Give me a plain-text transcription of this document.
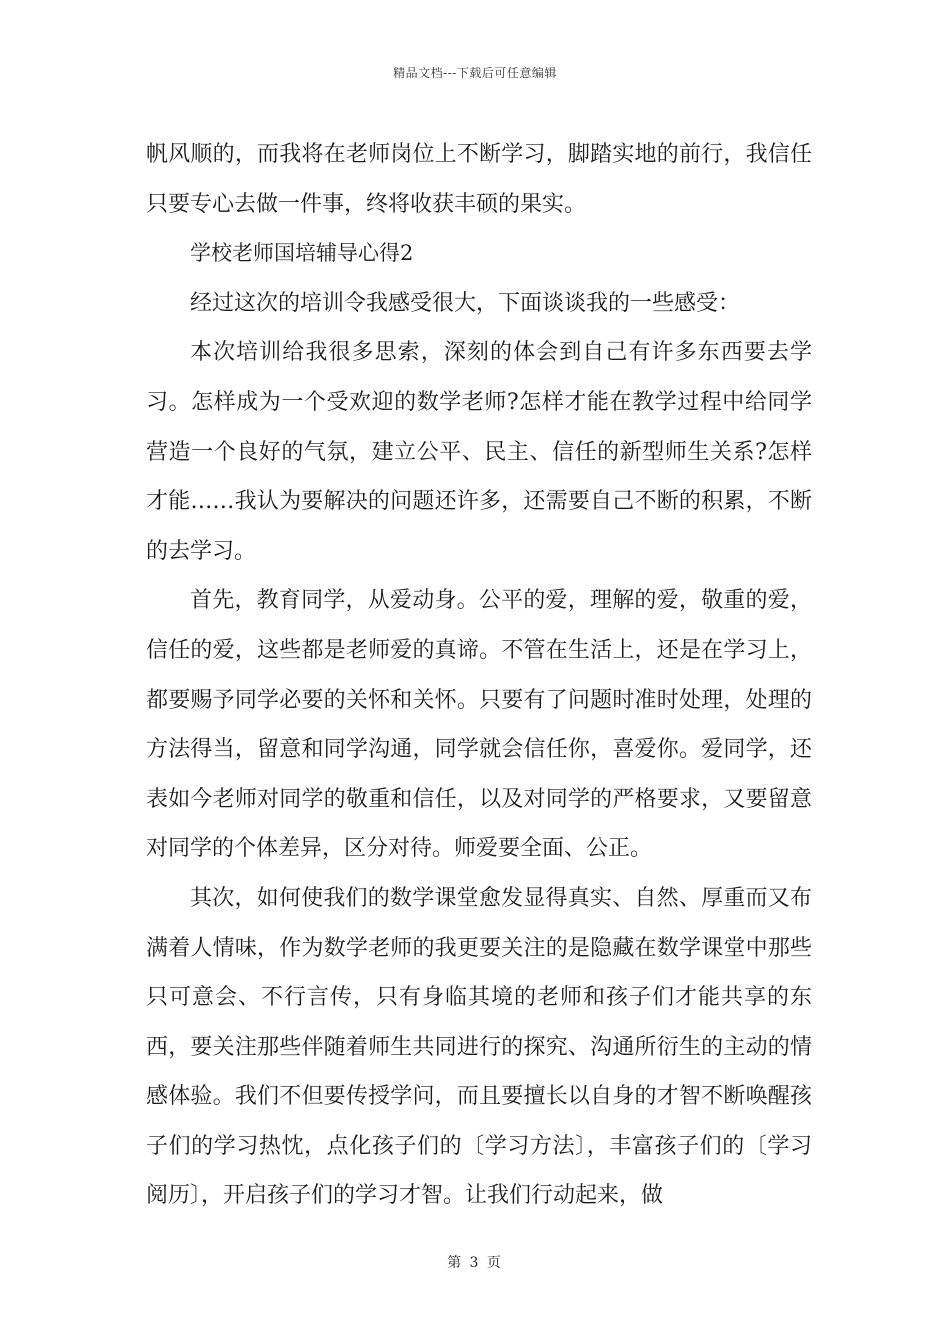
精品文档---下载后可任意编辑

帆风顺的，而我将在老师岗位上不断学习，脚踏实地的前行，我信任只要专心去做一件事，终将收获丰硕的果实。

学校老师国培辅导心得2

经过这次的培训令我感受很大，下面谈谈我的一些感受：

本次培训给我很多思索，深刻的体会到自己有许多东西要去学习。怎样成为一个受欢迎的数学老师?怎样才能在教学过程中给同学营造一个良好的气氛，建立公平、民主、信任的新型师生关系?怎样才能……我认为要解决的问题还许多，还需要自己不断的积累，不断的去学习。

首先，教育同学，从爱动身。公平的爱，理解的爱，敬重的爱，信任的爱，这些都是老师爱的真谛。不管在生活上，还是在学习上，都要赐予同学必要的关怀和关怀。只要有了问题时准时处理，处理的方法得当，留意和同学沟通，同学就会信任你，喜爱你。爱同学，还表如今老师对同学的敬重和信任，以及对同学的严格要求，又要留意对同学的个体差异，区分对待。师爱要全面、公正。

其次，如何使我们的数学课堂愈发显得真实、自然、厚重而又布满着人情味，作为数学老师的我更要关注的是隐藏在数学课堂中那些只可意会、不行言传，只有身临其境的老师和孩子们才能共享的东西，要关注那些伴随着师生共同进行的探究、沟通所衍生的主动的情感体验。我们不但要传授学问，而且要擅长以自身的才智不断唤醒孩子们的学习热忱，点化孩子们的〔学习方法〕，丰富孩子们的〔学习阅历〕，开启孩子们的学习才智。让我们行动起来，做

第 3 页
